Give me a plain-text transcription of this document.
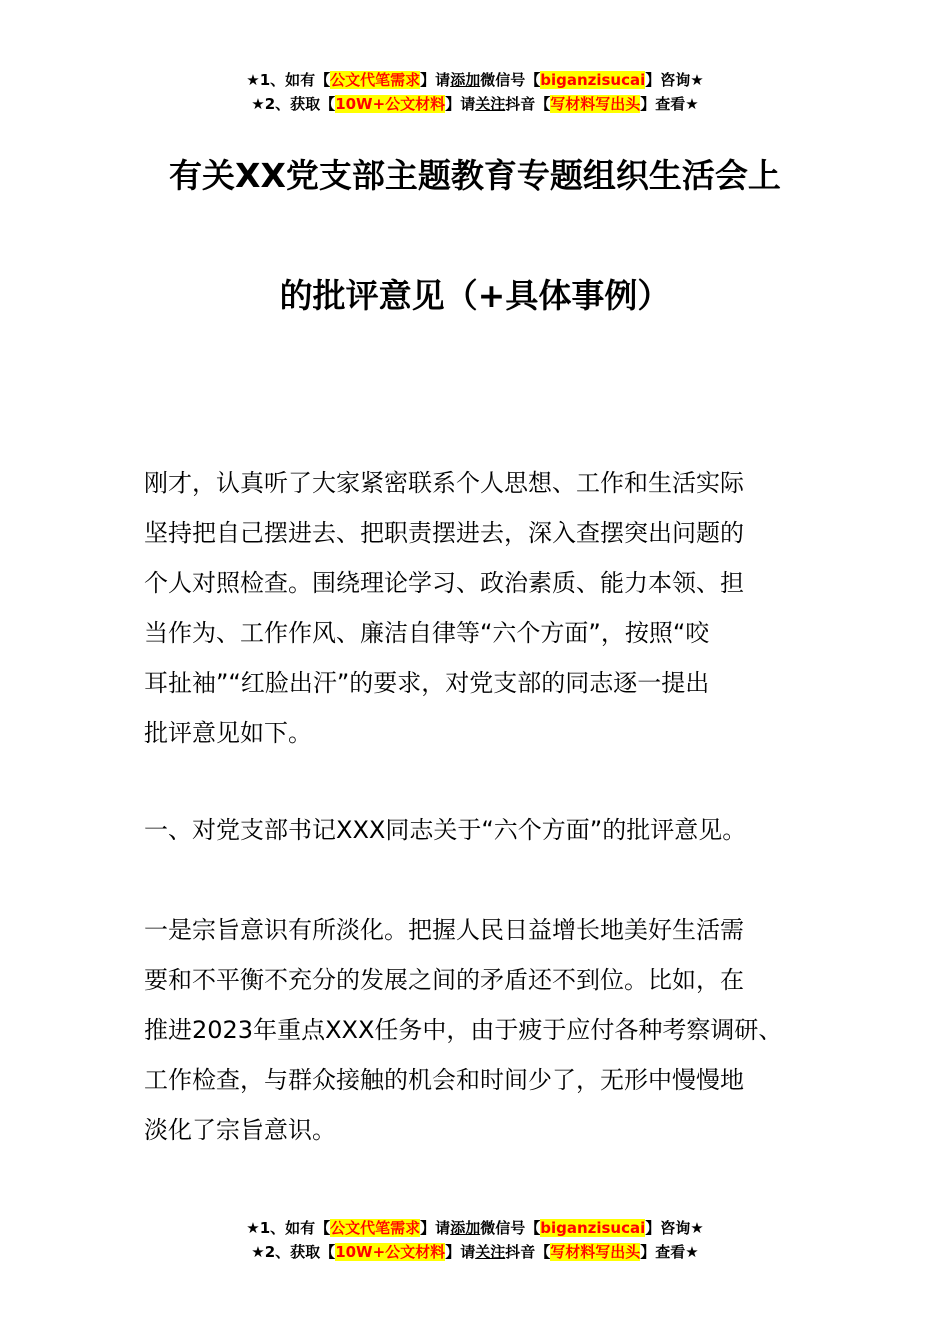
★1、如有【公文代笔需求】请添加微信号【biganzisucai】咨询★
★2、获取【10W+公文材料】请关注抖音【写材料写出头】查看★
有关XX党支部主题教育专题组织生活会上
的批评意见（+具体事例）
刚才，认真听了大家紧密联系个人思想、工作和生活实际
坚持把自己摆进去、把职责摆进去，深入查摆突出问题的
个人对照检查。围绕理论学习、政治素质、能力本领、担
当作为、工作作风、廉洁自律等“六个方面”，按照“咬
耳扯袖”“红脸出汗”的要求，对党支部的同志逐一提出
批评意见如下。
一、对党支部书记XXX同志关于“六个方面”的批评意见。
一是宗旨意识有所淡化。把握人民日益增长地美好生活需
要和不平衡不充分的发展之间的矛盾还不到位。比如，在
推进2023年重点XXX任务中，由于疲于应付各种考察调研、
工作检查，与群众接触的机会和时间少了，无形中慢慢地
淡化了宗旨意识。
★1、如有【公文代笔需求】请添加微信号【biganzisucai】咨询★
★2、获取【10W+公文材料】请关注抖音【写材料写出头】查看★
